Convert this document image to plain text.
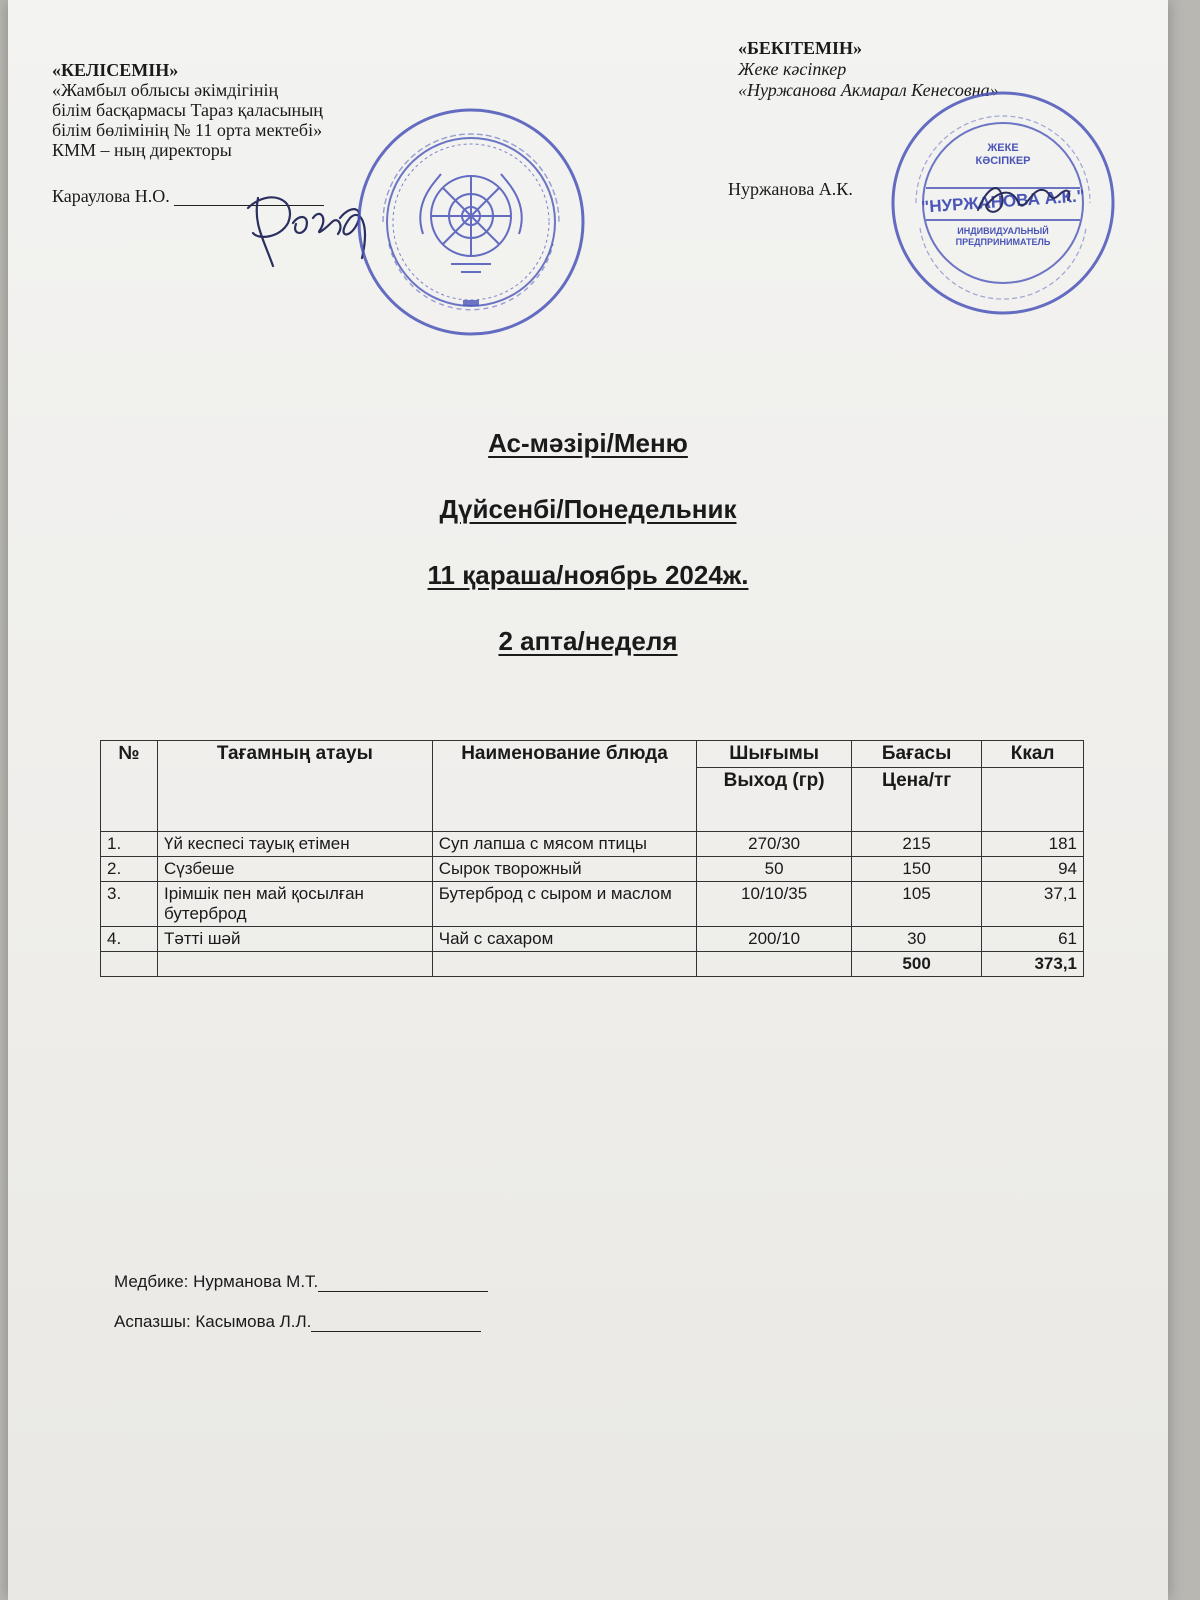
«КЕЛІСЕМІН»
«Жамбыл облысы әкімдігінің
білім басқармасы Тараз қаласының
білім бөлімінің № 11 орта мектебі»
КММ – ның директоры
Караулова Н.О.
«БЕКІТЕМІН»
Жеке кәсіпкер
«Нуржанова Акмарал Кенесовна»
Нуржанова А.К.
ЖЕКЕ
КӘСІПКЕР
"НУРЖАНОВА А.К."
ИНДИВИДУАЛЬНЫЙ
ПРЕДПРИНИМАТЕЛЬ
Ас-мәзірі/Меню
Дүйсенбі/Понедельник
11 қараша/ноябрь 2024ж.
2 апта/неделя
№	Тағамның атауы	Наименование блюда	Шығымы	Бағасы	Ккал
			Выход (гр)	Цена/тг	
1.	Үй кеспесі тауық етімен	Суп лапша с мясом птицы	270/30	215	181
2.	Сүзбеше	Сырок творожный	50	150	94
3.	Ірімшік пен май қосылған бутерброд	Бутерброд с сыром и маслом	10/10/35	105	37,1
4.	Тәтті шәй	Чай с сахаром	200/10	30	61
				500	373,1
Медбике: Нурманова М.Т.
Аспазшы: Касымова Л.Л.
